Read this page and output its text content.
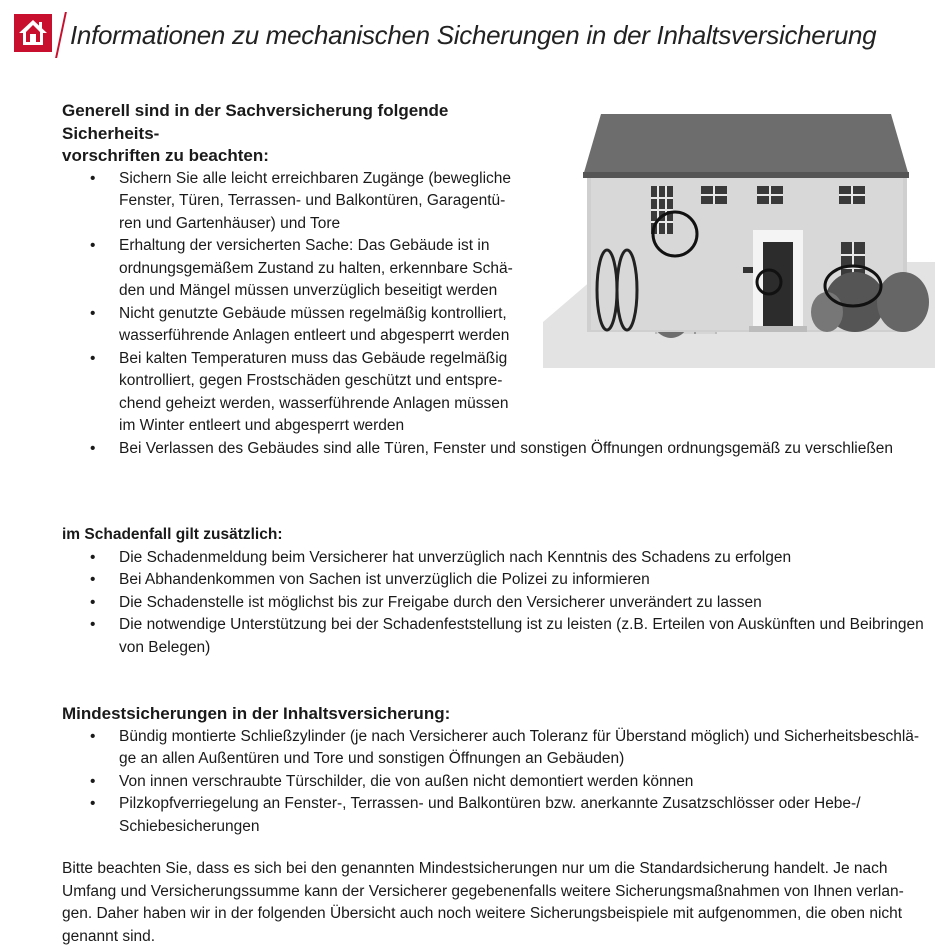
Informationen zu mechanischen Sicherungen in der Inhaltsversicherung

Generell sind in der Sachversicherung folgende Sicherheits-
vorschriften zu beachten:

• Sichern Sie alle leicht erreichbaren Zugänge (bewegliche Fenster, Türen, Terrassen- und Balkontüren, Garagentü- ren und Gartenhäuser) und Tore
• Erhaltung der versicherten Sache: Das Gebäude ist in ordnungsgemäßem Zustand zu halten, erkennbare Schä- den und Mängel müssen unverzüglich beseitigt werden
• Nicht genutzte Gebäude müssen regelmäßig kontrolliert, wasserführende Anlagen entleert und abgesperrt werden
• Bei kalten Temperaturen muss das Gebäude regelmäßig kontrolliert, gegen Frostschäden geschützt und entspre- chend geheizt werden, wasserführende Anlagen müssen im Winter entleert und abgesperrt werden
• Bei Verlassen des Gebäudes sind alle Türen, Fenster und sonstigen Öffnungen ordnungsgemäß zu verschließen

im Schadenfall gilt zusätzlich:

• Die Schadenmeldung beim Versicherer hat unverzüglich nach Kenntnis des Schadens zu erfolgen
• Bei Abhandenkommen von Sachen ist unverzüglich die Polizei zu informieren
• Die Schadenstelle ist möglichst bis zur Freigabe durch den Versicherer unverändert zu lassen
• Die notwendige Unterstützung bei der Schadenfeststellung ist zu leisten (z.B. Erteilen von Auskünften und Beibringen von Belegen)

Mindestsicherungen in der Inhaltsversicherung:

• Bündig montierte Schließzylinder (je nach Versicherer auch Toleranz für Überstand möglich) und Sicherheitsbeschlä- ge an allen Außentüren und Tore und sonstigen Öffnungen an Gebäuden)
• Von innen verschraubte Türschilder, die von außen nicht demontiert werden können
• Pilzkopfverriegelung an Fenster-, Terrassen- und Balkontüren bzw. anerkannte Zusatzschlösser oder Hebe-/ Schiebesicherungen

Bitte beachten Sie, dass es sich bei den genannten Mindestsicherungen nur um die Standardsicherung handelt. Je nach Umfang und Versicherungssumme kann der Versicherer gegebenenfalls weitere Sicherungsmaßnahmen von Ihnen verlan- gen. Daher haben wir in der folgenden Übersicht auch noch weitere Sicherungsbeispiele mit aufgenommen, die oben nicht genannt sind.
